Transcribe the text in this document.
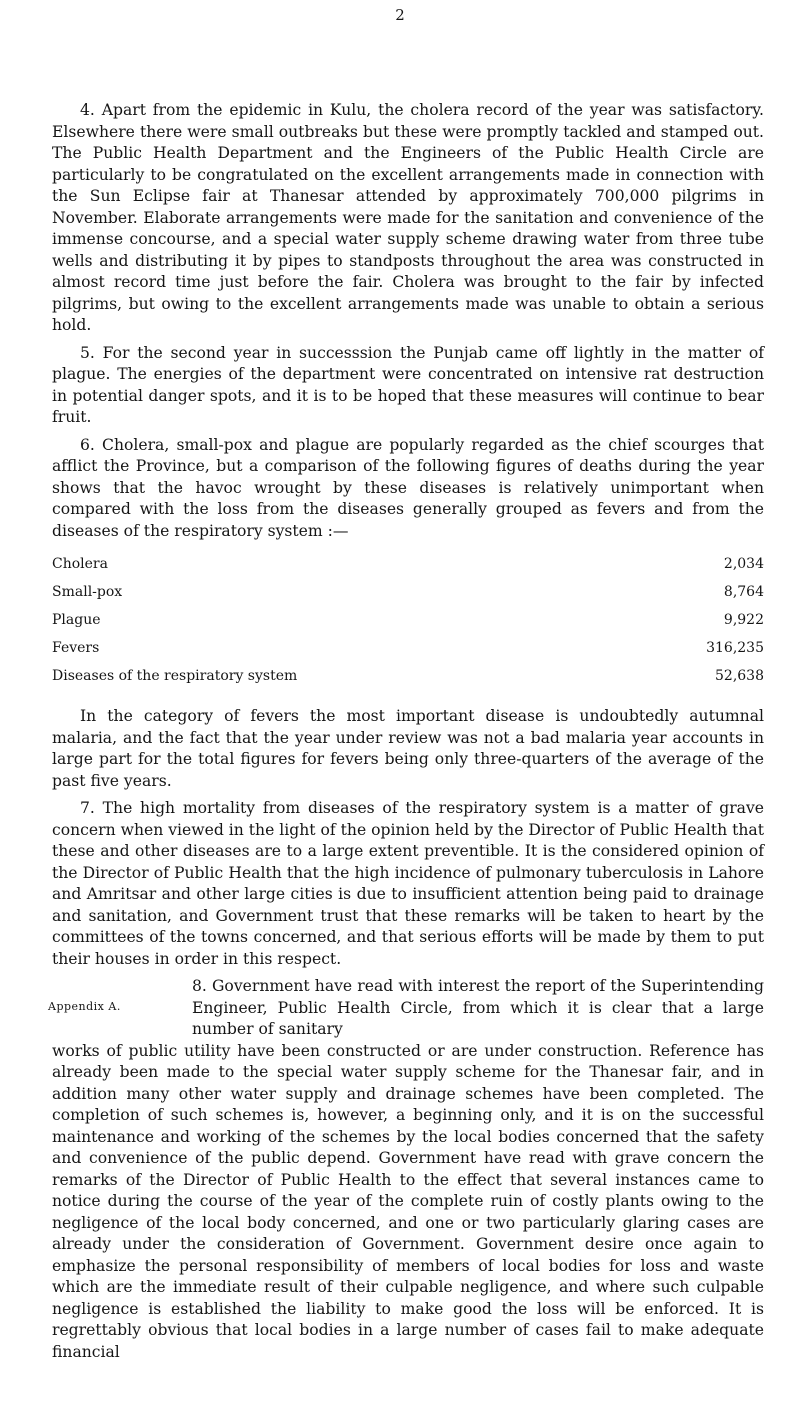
2

4. Apart from the epidemic in Kulu, the cholera record of the year was satisfactory. Elsewhere there were small outbreaks but these were promptly tackled and stamped out. The Public Health Department and the Engineers of the Public Health Circle are particularly to be congratulated on the excellent arrangements made in connection with the Sun Eclipse fair at Thanesar attended by approximately 700,000 pilgrims in November. Elaborate arrangements were made for the sanitation and convenience of the immense concourse, and a special water supply scheme drawing water from three tube wells and distributing it by pipes to standposts throughout the area was constructed in almost record time just before the fair. Cholera was brought to the fair by infected pilgrims, but owing to the excellent arrangements made was unable to obtain a serious hold.

5. For the second year in successsion the Punjab came off lightly in the matter of plague. The energies of the department were concentrated on intensive rat destruction in potential danger spots, and it is to be hoped that these measures will continue to bear fruit.

6. Cholera, small-pox and plague are popularly regarded as the chief scourges that afflict the Province, but a comparison of the following figures of deaths during the year shows that the havoc wrought by these diseases is relatively unimportant when compared with the loss from the diseases generally grouped as fevers and from the diseases of the respiratory system :—

Cholera	2,034
Small-pox	8,764
Plague	9,922
Fevers	316,235
Diseases of the respiratory system	52,638

In the category of fevers the most important disease is undoubtedly autumnal malaria, and the fact that the year under review was not a bad malaria year accounts in large part for the total figures for fevers being only three-quarters of the average of the past five years.

7. The high mortality from diseases of the respiratory system is a matter of grave concern when viewed in the light of the opinion held by the Director of Public Health that these and other diseases are to a large extent preventible. It is the considered opinion of the Director of Public Health that the high incidence of pulmonary tuberculosis in Lahore and Amritsar and other large cities is due to insufficient attention being paid to drainage and sanitation, and Government trust that these remarks will be taken to heart by the committees of the towns concerned, and that serious efforts will be made by them to put their houses in order in this respect.

Appendix A.

8. Government have read with interest the report of the Superintending Engineer, Public Health Circle, from which it is clear that a large number of sanitary
works of public utility have been constructed or are under construction. Reference has already been made to the special water supply scheme for the Thanesar fair, and in addition many other water supply and drainage schemes have been completed. The completion of such schemes is, however, a beginning only, and it is on the successful maintenance and working of the schemes by the local bodies concerned that the safety and convenience of the public depend. Government have read with grave concern the remarks of the Director of Public Health to the effect that several instances came to notice during the course of the year of the complete ruin of costly plants owing to the negligence of the local body concerned, and one or two particularly glaring cases are already under the consideration of Government. Government desire once again to emphasize the personal responsibility of members of local bodies for loss and waste which are the immediate result of their culpable negligence, and where such culpable negligence is established the liability to make good the loss will be enforced. It is regrettably obvious that local bodies in a large number of cases fail to make adequate financial
